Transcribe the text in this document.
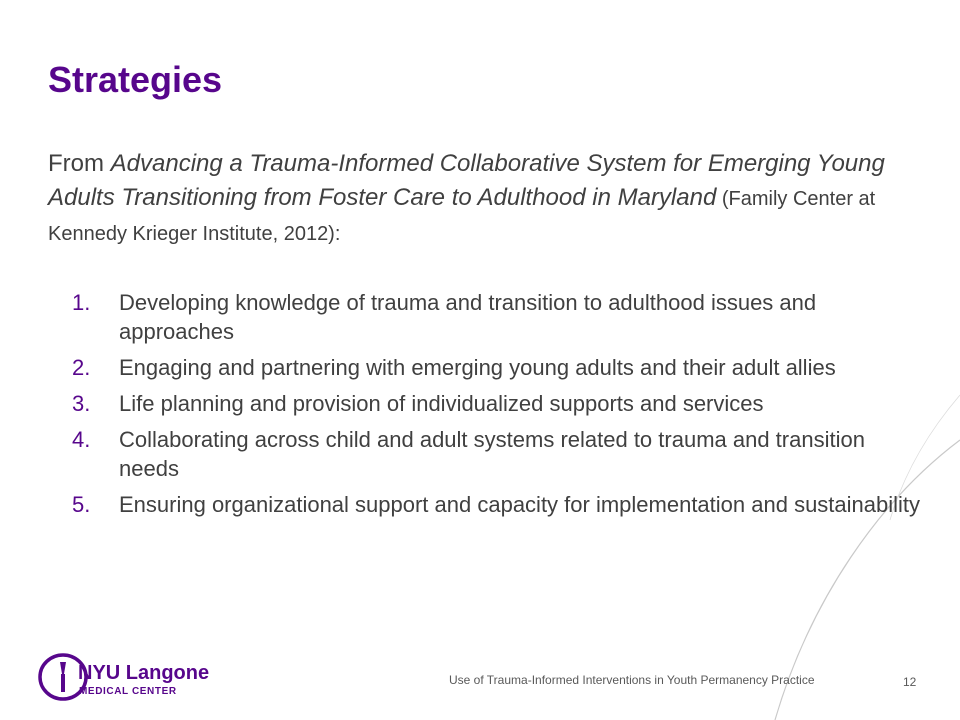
Strategies

From Advancing a Trauma-Informed Collaborative System for Emerging Young Adults Transitioning from Foster Care to Adulthood in Maryland (Family Center at Kennedy Krieger Institute, 2012):

1.	Developing knowledge of trauma and transition to adulthood issues and approaches
2.	Engaging and partnering with emerging young adults and their adult allies
3.	Life planning and provision of individualized supports and services
4.	Collaborating across child and adult systems related to trauma and transition needs
5.	Ensuring organizational support and capacity for implementation and sustainability
NYU Langone
MEDICAL CENTER
Use of Trauma-Informed Interventions in Youth Permanency Practice	12
